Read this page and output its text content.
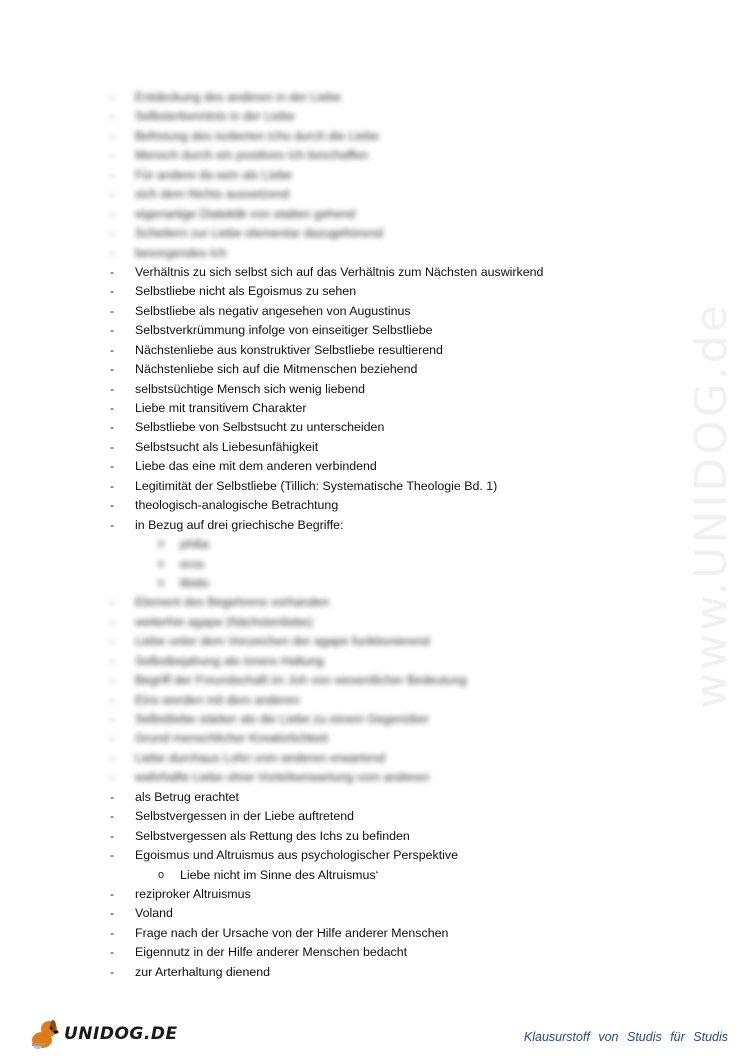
- Entdeckung des anderen in der Liebe
- Selbsterkenntnis in der Liebe
- Befreiung des isolierten Ichs durch die Liebe
- Mensch durch ein positives Ich beschaffen
- Für andere da sein als Liebe
- sich dem Nichts aussetzend
- eigenartige Dialektik von statten gehend
- Scheitern zur Liebe elementar dazugehörend
- besorgendes Ich
- Verhältnis zu sich selbst sich auf das Verhältnis zum Nächsten auswirkend
- Selbstliebe nicht als Egoismus zu sehen
- Selbstliebe als negativ angesehen von Augustinus
- Selbstverkrümmung infolge von einseitiger Selbstliebe
- Nächstenliebe aus konstruktiver Selbstliebe resultierend
- Nächstenliebe sich auf die Mitmenschen beziehend
- selbstsüchtige Mensch sich wenig liebend
- Liebe mit transitivem Charakter
- Selbstliebe von Selbstsucht zu unterscheiden
- Selbstsucht als Liebesunfähigkeit
- Liebe das eine mit dem anderen verbindend
- Legitimität der Selbstliebe (Tillich: Systematische Theologie Bd. 1)
- theologisch-analogische Betrachtung
- in Bezug auf drei griechische Begriffe:
o philia
o eros
o libido
- Element des Begehrens vorhanden
- weiterhin agape (Nächstenliebe)
- Liebe unter dem Vorzeichen der agape funktionierend
- Selbstbejahung als innere Haltung
- Begriff der Freundschaft im Joh von wesentlicher Bedeutung
- Eins werden mit dem anderen
- Selbstliebe stärker als die Liebe zu einem Gegenüber
- Grund menschlicher Kreatürlichkeit
- Liebe durchaus Lohn vom anderen erwartend
- wahrhafte Liebe ohne Vorteilserwartung vom anderen
- als Betrug erachtet
- Selbstvergessen in der Liebe auftretend
- Selbstvergessen als Rettung des Ichs zu befinden
- Egoismus und Altruismus aus psychologischer Perspektive
o Liebe nicht im Sinne des Altruismus‘
- reziproker Altruismus
- Voland
- Frage nach der Ursache von der Hilfe anderer Menschen
- Eigennutz in der Hilfe anderer Menschen bedacht
- zur Arterhaltung dienend
www.UNIDOG.de
UNIDOG.DE	Klausurstoff von Studis für Studis
